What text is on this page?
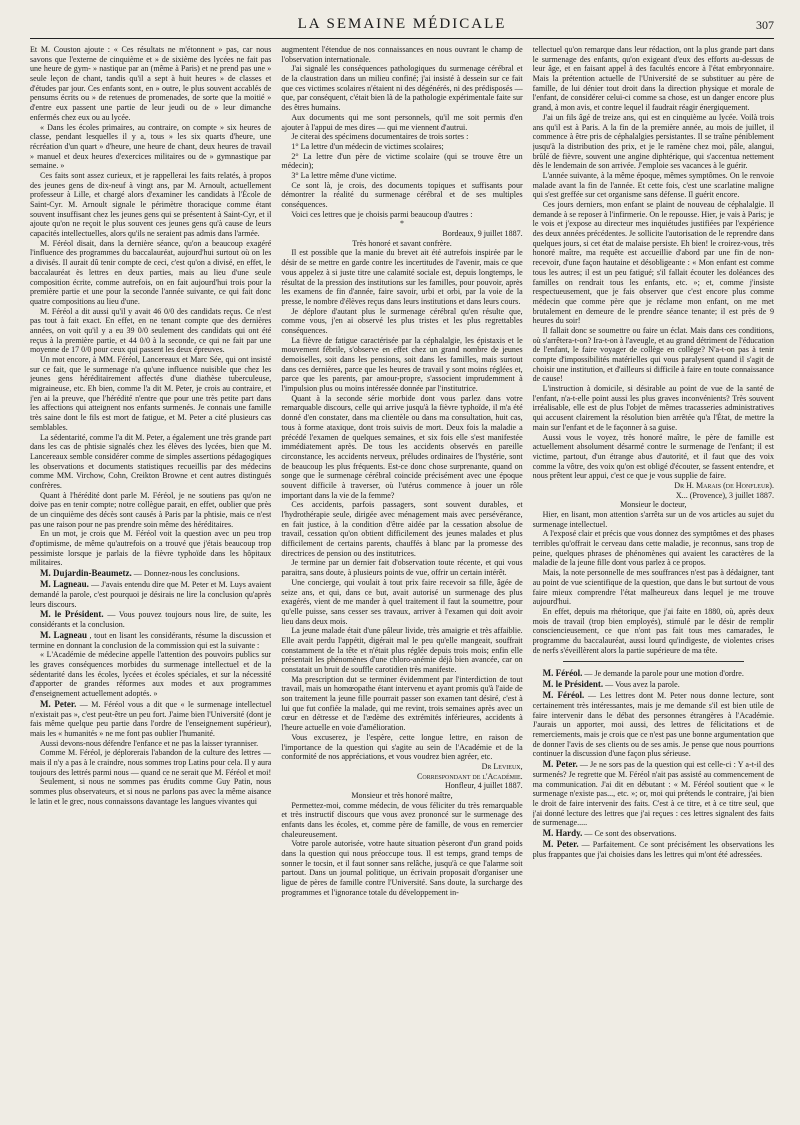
LA SEMAINE MÉDICALE	307

Et M. Couston ajoute : « Ces résultats ne m'étonnent » pas, car nous savons que l'externe de cinquième et » de sixième des lycées ne fait pas une heure de gym- » nastique par an (même à Paris) et ne prend pas une » seule leçon de chant, tandis qu'il a sept à huit heures » de classes et d'études par jour. Ces enfants sont, en » outre, le plus souvent accablés de pensums écrits ou » de retenues de promenades, de sorte que la moitié » d'entre eux passent une partie de leur jeudi ou de » leur dimanche enfermés chez eux ou au lycée.

« Dans les écoles primaires, au contraire, on compte » six heures de classe, pendant lesquelles il y a, tous » les six quarts d'heure, une récréation d'un quart » d'heure, une heure de chant, deux heures de travail » manuel et deux heures d'exercices militaires ou de » gymnastique par semaine. »

Ces faits sont assez curieux, et je rappellerai les faits relatés, à propos des jeunes gens de dix-neuf à vingt ans, par M. Arnoult, actuellement professeur à Lille, et chargé alors d'examiner les candidats à l'École de Saint-Cyr. M. Arnoult signale le périmètre thoracique comme étant souvent insuffisant chez les jeunes gens qui se présentent à Saint-Cyr, et il ajoute qu'on ne reçoit le plus souvent ces jeunes gens qu'à cause de leurs capacités intellectuelles, alors qu'ils ne seraient pas admis dans l'armée.

M. Féréol disait, dans la dernière séance, qu'on a beaucoup exagéré l'influence des programmes du baccalauréat, aujourd'hui surtout où on les a divisés. Il aurait dû tenir compte de ceci, c'est qu'on a divisé, en effet, le baccalauréat ès lettres en deux parties, mais au lieu d'une seule composition écrite, comme autrefois, on en fait aujourd'hui trois pour la première partie et une pour la seconde l'année suivante, ce qui fait donc quatre compositions au lieu d'une.

M. Féréol a dit aussi qu'il y avait 46 0/0 des candidats reçus. Ce n'est pas tout à fait exact. En effet, en ne tenant compte que des dernières années, on voit qu'il y a eu 39 0/0 seulement des candidats qui ont été reçus à la première partie, et 44 0/0 à la seconde, ce qui ne fait par une moyenne de 17 0/0 pour ceux qui passent les deux épreuves.

Un mot encore, à MM. Féréol, Lancereaux et Marc Sée, qui ont insisté sur ce fait, que le surmenage n'a qu'une influence nuisible que chez les jeunes gens héréditairement affectés d'une diathèse tuberculeuse, migraineuse, etc. Eh bien, comme l'a dit M. Peter, je crois au contraire, et j'en ai la preuve, que l'hérédité n'entre que pour une très petite part dans les affections qui atteignent nos enfants surmenés. Je connais une famille très saine dont le fils est mort de fatigue, et M. Peter a cité plusieurs cas semblables.

La sédentarité, comme l'a dit M. Peter, a également une très grande part dans les cas de phtisie signalés chez les élèves des lycées, bien que M. Lancereaux semble considérer comme de simples assertions pédagogiques les observations et documents statistiques recueillis par des médecins comme MM. Virchow, Cohn, Creikton Browne et cent autres distingués confrères.

Quant à l'hérédité dont parle M. Féréol, je ne soutiens pas qu'on ne doive pas en tenir compte; notre collègue parait, en effet, oublier que près de un cinquième des décès sont causés à Paris par la phtisie, mais ce n'est pas une raison pour ne pas prendre soin même des héréditaires.

En un mot, je crois que M. Féréol voit la question avec un peu trop d'optimisme, de même qu'autrefois on a trouvé que j'étais beaucoup trop pessimiste lorsque je parlais de la fièvre typhoïde dans les hôpitaux militaires.

M. Dujardin-Beaumetz. — Donnez-nous les conclusions.

M. Lagneau. — J'avais entendu dire que M. Peter et M. Luys avaient demandé la parole, c'est pourquoi je désirais ne lire la conclusion qu'après leurs discours.

M. le Président. — Vous pouvez toujours nous lire, de suite, les considérants et la conclusion.

M. Lagneau , tout en lisant les considérants, résume la discussion et termine en donnant la conclusion de la commission qui est la suivante :

« L'Académie de médecine appelle l'attention des pouvoirs publics sur les graves conséquences morbides du surmenage intellectuel et de la sédentarité dans les écoles, lycées et écoles spéciales, et sur la nécessité d'apporter de grandes réformes aux modes et aux programmes d'enseignement actuellement adoptés. »

M. Peter. — M. Féréol vous a dit que « le surmenage intellectuel n'existait pas », c'est peut-être un peu fort. J'aime bien l'Université (dont je fais même quelque peu partie dans l'ordre de l'enseignement supérieur), mais les « humanités » ne me font pas oublier l'humanité.

Aussi devons-nous défendre l'enfance et ne pas la laisser tyranniser.

Comme M. Féréol, je déplorerais l'abandon de la culture des lettres — mais il n'y a pas à le craindre, nous sommes trop Latins pour cela. Il y aura toujours des lettrés parmi nous — quand ce ne serait que M. Féréol et moi!

Seulement, si nous ne sommes pas érudits comme Guy Patin, nous sommes plus observateurs, et si nous ne parlons pas avec la même aisance le latin et le grec, nous connaissons davantage les langues vivantes qui

augmentent l'étendue de nos connaissances en nous ouvrant le champ de l'observation internationale.

J'ai signalé les conséquences pathologiques du surmenage cérébral et de la claustration dans un milieu confiné; j'ai insisté à dessein sur ce fait que ces victimes scolaires n'étaient ni des dégénérés, ni des prédisposés — que, par conséquent, c'était bien là de la pathologie expérimentale faite sur des êtres humains.

Aux documents qui me sont personnels, qu'il me soit permis d'en ajouter à l'appui de mes dires — qui me viennent d'autrui.

Je citerai des spécimens documentaires de trois sortes :

1° La lettre d'un médecin de victimes scolaires;

2° La lettre d'un père de victime scolaire (qui se trouve être un médecin);

3° La lettre même d'une victime.

Ce sont là, je crois, des documents topiques et suffisants pour démontrer la réalité du surmenage cérébral et de ses multiples conséquences.

Voici ces lettres que je choisis parmi beaucoup d'autres :

*

Bordeaux, 9 juillet 1887.

Très honoré et savant confrère.

Il est possible que la manie du brevet ait été autrefois inspirée par le désir de se mettre en garde contre les incertitudes de l'avenir, mais ce que vous appelez à si juste titre une calamité sociale est, depuis longtemps, le résultat de la pression des institutions sur les familles, pour pouvoir, après les examens de fin d'année, faire savoir, urbi et orbi, par la voie de la presse, le nombre d'élèves reçus dans leurs institutions et dans leurs cours.

Je déplore d'autant plus le surmenage cérébral qu'en résulte que, comme vous, j'en ai observé les plus tristes et les plus regrettables conséquences.

La fièvre de fatigue caractérisée par la céphalalgie, les épistaxis et le mouvement fébrile, s'observe en effet chez un grand nombre de jeunes demoiselles, soit dans les pensions, soit dans les familles, mais surtout dans ces dernières, parce que les heures de travail y sont moins réglées et, parce que les parents, par amour-propre, s'associent imprudemment à l'impulsion plus ou moins intéressée donnée par l'institutrice.

Quant à la seconde série morbide dont vous parlez dans votre remarquable discours, celle qui arrive jusqu'à la fièvre typhoïde, il m'a été donné d'en constater, dans ma clientèle ou dans ma consultation, huit cas, tous à forme ataxique, dont trois suivis de mort. Deux fois la maladie a précédé l'examen de quelques semaines, et six fois elle s'est manifestée immédiatement après. De tous les accidents observés en pareille circonstance, les accidents nerveux, préludes ordinaires de l'hystérie, sont de beaucoup les plus fréquents. Est-ce donc chose surprenante, quand on songe que le surmenage cérébral coincide précisément avec une époque souvent difficile à traverser, où l'utérus commence à jouer un rôle important dans la vie de la femme?

Ces accidents, parfois passagers, sont souvent durables, et l'hydrothérapie seule, dirigée avec ménagement mais avec persévérance, en fait justice, à la condition d'être aidée par la cessation absolue de travail, cessation qu'on obtient difficilement des jeunes malades et plus difficilement de certains parents, chauffés à blanc par la promesse des directrices de pension ou des institutrices.

Je termine par un dernier fait d'observation toute récente, et qui vous paraitra, sans doute, à plusieurs points de vue, offrir un certain intérêt.

Une concierge, qui voulait à tout prix faire recevoir sa fille, âgée de seize ans, et qui, dans ce but, avait autorisé un surmenage des plus exagérés, vient de me mander à quel traitement il faut la soumettre, pour qu'elle puisse, sans cesser ses travaux, arriver à l'examen qui doit avoir lieu dans deux mois.

La jeune malade était d'une pâleur livide, très amaigrie et très affaiblie. Elle avait perdu l'appétit, digérait mal le peu qu'elle mangeait, souffrait constamment de la tête et n'était plus réglée depuis trois mois; enfin elle présentait les phénomènes d'une chloro-anémie déjà bien avancée, car on constatait un bruit de souffle carotidien très manifeste.

Ma prescription dut se terminer évidemment par l'interdiction de tout travail, mais un homœopathe étant intervenu et ayant promis qu'à l'aide de son traitement la jeune fille pourrait passer son examen tant désiré, c'est à lui que fut confiée la malade, qui me revint, trois semaines après avec un cœur en détresse et de l'ædème des extrémités inférieures, accidents à l'heure actuelle en voie d'amélioration.

Vous excuserez, je l'espère, cette longue lettre, en raison de l'importance de la question qui s'agite au sein de l'Académie et de la conformité de nos appréciations, et vous voudrez bien agréer, etc.

Dr Levieux,

Correspondant de l'Académie.

Honfleur, 4 juillet 1887.

Monsieur et très honoré maître,

Permettez-moi, comme médecin, de vous féliciter du très remarquable et très instructif discours que vous avez prononcé sur le surmenage des enfants dans les écoles, et, comme père de famille, de vous en remercier chaleureusement.

Votre parole autorisée, votre haute situation pèseront d'un grand poids dans la question qui nous préoccupe tous. Il est temps, grand temps de sonner le tocsin, et il faut sonner sans relâche, jusqu'à ce que l'alarme soit partout. Dans un journal politique, un écrivain proposait d'organiser une ligue de pères de famille contre l'Université. Sans doute, la surcharge des programmes et l'ignorance totale du développement in-

tellectuel qu'on remarque dans leur rédaction, ont la plus grande part dans le surmenage des enfants, qu'on exigeant d'eux des efforts au-dessus de leur âge, et en faisant appel à des facultés encore à l'état embryonnaire. Mais la prétention actuelle de l'Université de se substituer au père de famille, de lui dénier tout droit dans la direction physique et morale de l'enfant, de considérer celui-ci comme sa chose, est un danger encore plus grand, à mon avis, et contre lequel il faudrait réagir énergiquement.

J'ai un fils âgé de treize ans, qui est en cinquième au lycée. Voilà trois ans qu'il est à Paris. A la fin de la première année, au mois de juillet, il commence à être pris de céphalalgies persistantes. Il se traîne péniblement jusqu'à la distribution des prix, et je le ramène chez moi, pâle, alangui, brûlé de fièvre, souvent une angine diphtérique, qui s'accentua nettement dès le lendemain de son arrivée. J'emploie ses vacances à le guérir.

L'année suivante, à la même époque, mêmes symptômes. On le renvoie malade avant la fin de l'année. Et cette fois, c'est une scarlatine maligne qui s'est greffée sur cet organisme sans défense. Il guérit encore.

Ces jours derniers, mon enfant se plaint de nouveau de céphalalgie. Il demande à se reposer à l'infirmerie. On le repousse. Hier, je vais à Paris; je le vois et j'expose au directeur mes inquiétudes justifiées par l'expérience des deux années précédentes. Je sollicite l'autorisation de le reprendre dans quelques jours, si cet état de malaise persiste. Eh bien! le croirez-vous, très honoré maître, ma requête est accueillie d'abord par une fin de non-recevoir, d'une façon hautaine et désobligeante : « Mon enfant est comme tous les autres; il est un peu fatigué; s'il fallait écouter les doléances des familles on rendrait tous les enfants, etc. »; et, comme j'insiste respectueusement, que je fais observer que c'est encore plus comme médecin que comme père que je réclame mon enfant, on me met brutalement en demeure de le prendre séance tenante; il est près de 9 heures du soir!

Il fallait donc se soumettre ou faire un éclat. Mais dans ces conditions, où s'arrêtera-t-on? Ira-t-on à l'aveugle, et au grand détriment de l'éducation de l'enfant, le faire voyager de collège en collège? N'a-t-on pas à tenir compte d'impossibilités matérielles qui vous paralysent quand il s'agit de choisir une institution, et d'ailleurs si difficile à faire en toute connaissance de cause!

L'instruction à domicile, si désirable au point de vue de la santé de l'enfant, n'a-t-elle point aussi les plus graves inconvénients? Très souvent irréalisable, elle est de plus l'objet de mêmes tracasseries administratives qui accusent clairement la résolution bien arrêtée qu'a l'État, de mettre la main sur l'enfant et de le façonner à sa guise.

Aussi vous le voyez, très honoré maître, le père de famille est actuellement absolument désarmé contre le surmenage de l'enfant; il est victime, partout, d'un étrange abus d'autorité, et il faut que des voix comme la vôtre, des voix qu'on est obligé d'écouter, se fassent entendre, et nous prêtent leur appui, c'est ce que je vous supplie de faire.

Dr H. Marais (de Honfleur).

X... (Provence), 3 juillet 1887.

Monsieur le docteur,

Hier, en lisant, mon attention s'arrêta sur un de vos articles au sujet du surmenage intellectuel.

A l'exposé clair et précis que vous donnez des symptômes et des phases terribles qu'offrait le cerveau dans cette maladie, je reconnus, sans trop de peine, quelques phrases de phénomènes qui avaient les caractères de la maladie de la jeune fille dont vous parlez à ce propos.

Mais, la note personnelle de mes souffrances n'est pas à dédaigner, tant au point de vue scientifique de la question, que dans le but surtout de vous faire mieux comprendre l'état malheureux dans lequel je me trouve aujourd'hui.

En effet, depuis ma rhétorique, que j'ai faite en 1880, où, après deux mois de travail (trop bien employés), stimulé par le désir de remplir consciencieusement, ce que n'ont pas fait tous mes camarades, le programme du baccalauréat, aussi lourd qu'indigeste, de violentes crises de nerfs s'éveillèrent alors la partie supérieure de ma tête.

M. Féréol. — Je demande la parole pour une motion d'ordre.

M. le Président. — Vous avez la parole.

M. Féréol. — Les lettres dont M. Peter nous donne lecture, sont certainement très intéressantes, mais je me demande s'il est bien utile de faire intervenir dans le débat des personnes étrangères à l'Académie. J'aurais un apporter, moi aussi, des lettres de félicitations et de remerciements, mais je crois que ce n'est pas une bonne argumentation que de donner l'avis de ses clients ou de ses amis. Je pense que nous pourrions continuer la discussion d'une façon plus sérieuse.

M. Peter. — Je ne sors pas de la question qui est celle-ci : Y a-t-il des surmenés? Je regrette que M. Féréol n'ait pas assisté au commencement de ma communication. J'ai dit en débutant : « M. Féréol soutient que « le surmenage n'existe pas..., etc. »; or, moi qui prétends le contraire, j'ai bien le droit de faire intervenir des faits. C'est à ce titre, et à ce titre seul, que j'ai donné lecture des lettres que j'ai reçues : ces lettres signalent des faits de surmenage.....

M. Hardy. — Ce sont des observations.

M. Peter. — Parfaitement. Ce sont précisément les observations les plus frappantes que j'ai choisies dans les lettres qui m'ont été adressées.
